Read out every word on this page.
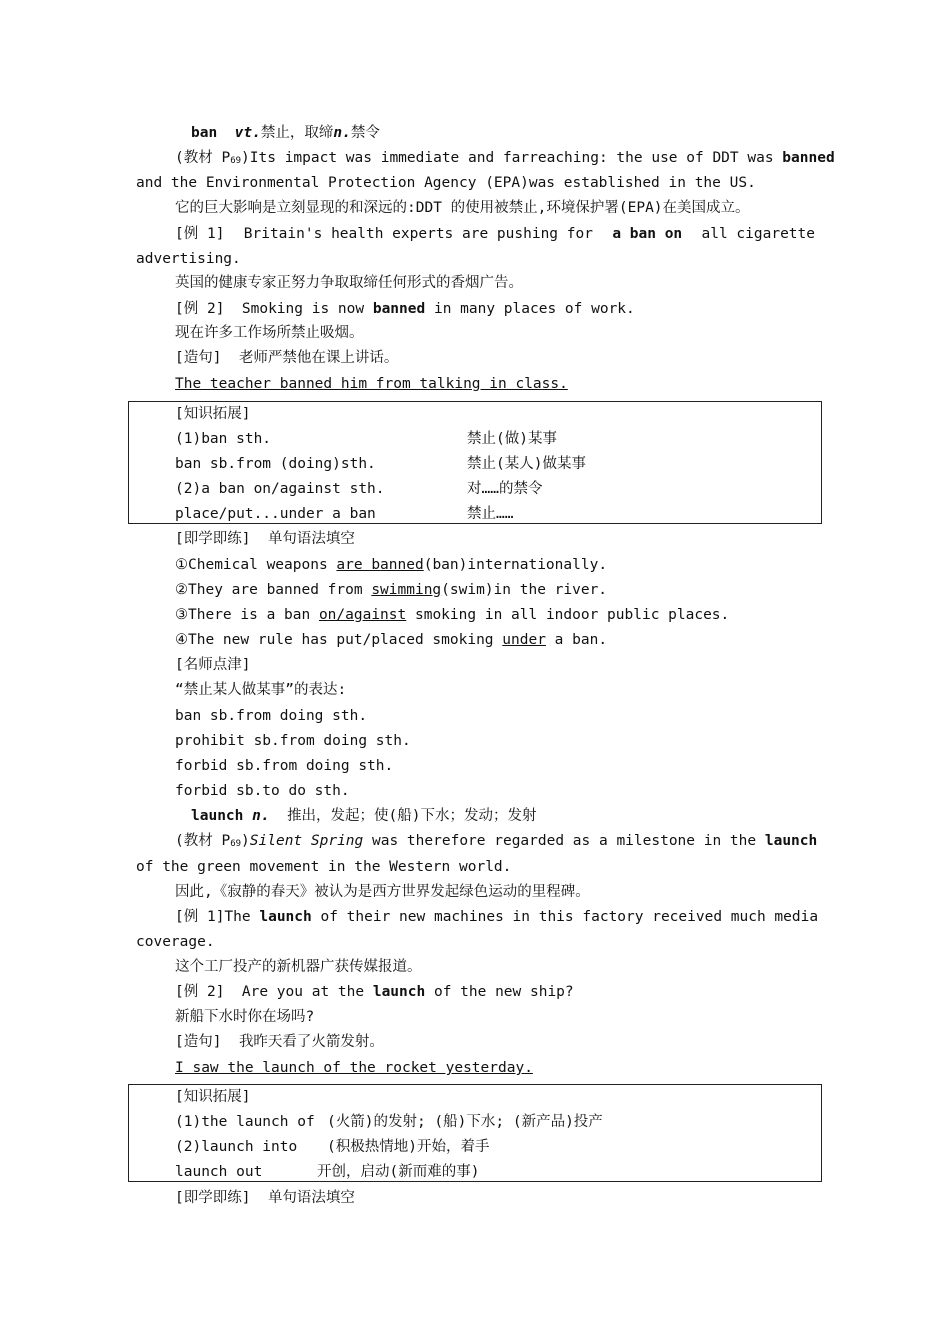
ban vt.禁止，取缔n.禁令
(教材 $P_{69})Its$ impact was immediate and farreaching: the use of DDT was banned
and the Environmental Protection Agency (EPA)was established in the US.
它的巨大影响是立刻显现的和深远的:DDT 的使用被禁止,环境保护署(EPA)在美国成立。
[例 1] Britain's health experts are pushing for a ban on all cigarette
advertising.
英国的健康专家正努力争取取缔任何形式的香烟广告。
[例 2] Smoking is now banned in many places of work.
现在许多工作场所禁止吸烟。
[造句] 老师严禁他在课上讲话。
The teacher banned him from talking in class.
[知识拓展]
(1)ban sth.	禁止(做)某事
ban sb.from (doing)sth.	禁止(某人)做某事
(2)a ban on/against sth.	对……的禁令
place/put...under a ban	禁止……
[即学即练] 单句语法填空
①Chemical weapons are banned(ban)internationally.
②They are banned from swimming(swim)in the river.
③There is a ban on/against smoking in all indoor public places.
④The new rule has put/placed smoking under a ban.
[名师点津]
“禁止某人做某事”的表达:
ban sb.from doing sth.
prohibit sb.from doing sth.
forbid sb.from doing sth.
forbid sb.to do sth.
launch n. 推出，发起；使(船)下水；发动；发射
(教材 $P_{69})Silent$ Spring was therefore regarded as a milestone in the launch
of the green movement in the Western world.
因此,《寂静的春天》被认为是西方世界发起绿色运动的里程碑。
[例 1] The launch of their new machines in this factory received much media
coverage.
这个工厂投产的新机器广获传媒报道。
[例 2] Are you at the launch of the new ship?
新船下水时你在场吗?
[造句] 我昨天看了火箭发射。
I saw the launch of the rocket yesterday.
[知识拓展]
(1)the launch of (火箭)的发射; (船)下水; (新产品)投产
(2)launch into (积极热情地)开始，着手
launch out	开创，启动(新而难的事)
[即学即练] 单句语法填空
